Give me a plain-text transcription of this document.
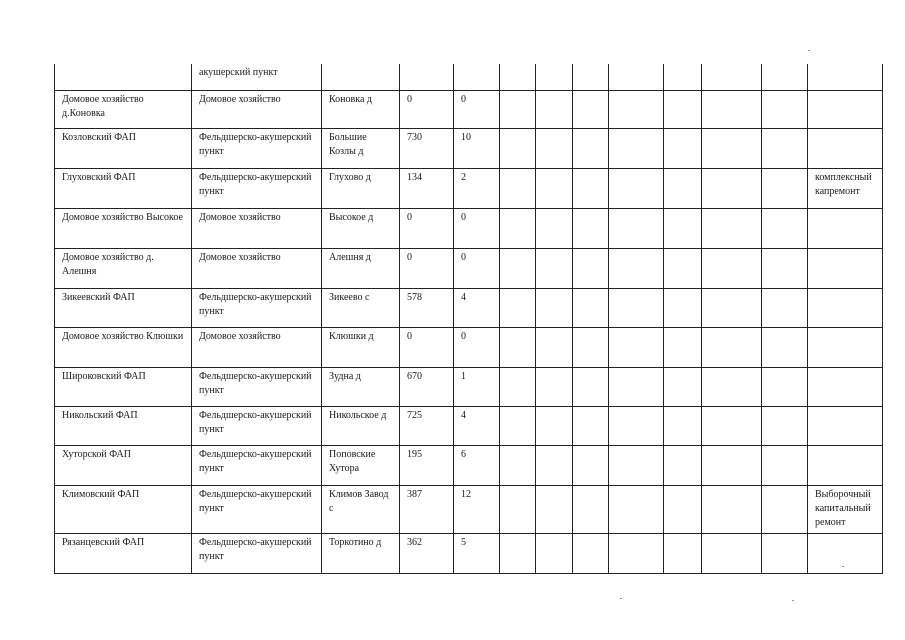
	акушерский пункт											
Домовое хозяйство д.Коновка	Домовое хозяйство	Коновка д	0	0								
Козловский ФАП	Фельдшерско-акушерский пункт	Большие Козлы д	730	10								
Глуховский ФАП	Фельдшерско-акушерский пункт	Глухово д	134	2								комплексный капремонт
Домовое хозяйство Высокое	Домовое хозяйство	Высокое д	0	0								
Домовое хозяйство д. Алешня	Домовое хозяйство	Алешня д	0	0								
Зикеевский ФАП	Фельдшерско-акушерский пункт	Зикеево с	578	4								
Домовое хозяйство Клюшки	Домовое хозяйство	Клюшки д	0	0								
Широковский ФАП	Фельдшерско-акушерский пункт	Зудна д	670	1								
Никольский ФАП	Фельдшерско-акушерский пункт	Никольское д	725	4								
Хуторской ФАП	Фельдшерско-акушерский пункт	Поповские Хутора	195	6								
Климовский ФАП	Фельдшерско-акушерский пункт	Климов Завод с	387	12								Выборочный капитальный ремонт
Рязанцевский ФАП	Фельдшерско-акушерский пункт	Торкотино д	362	5								
